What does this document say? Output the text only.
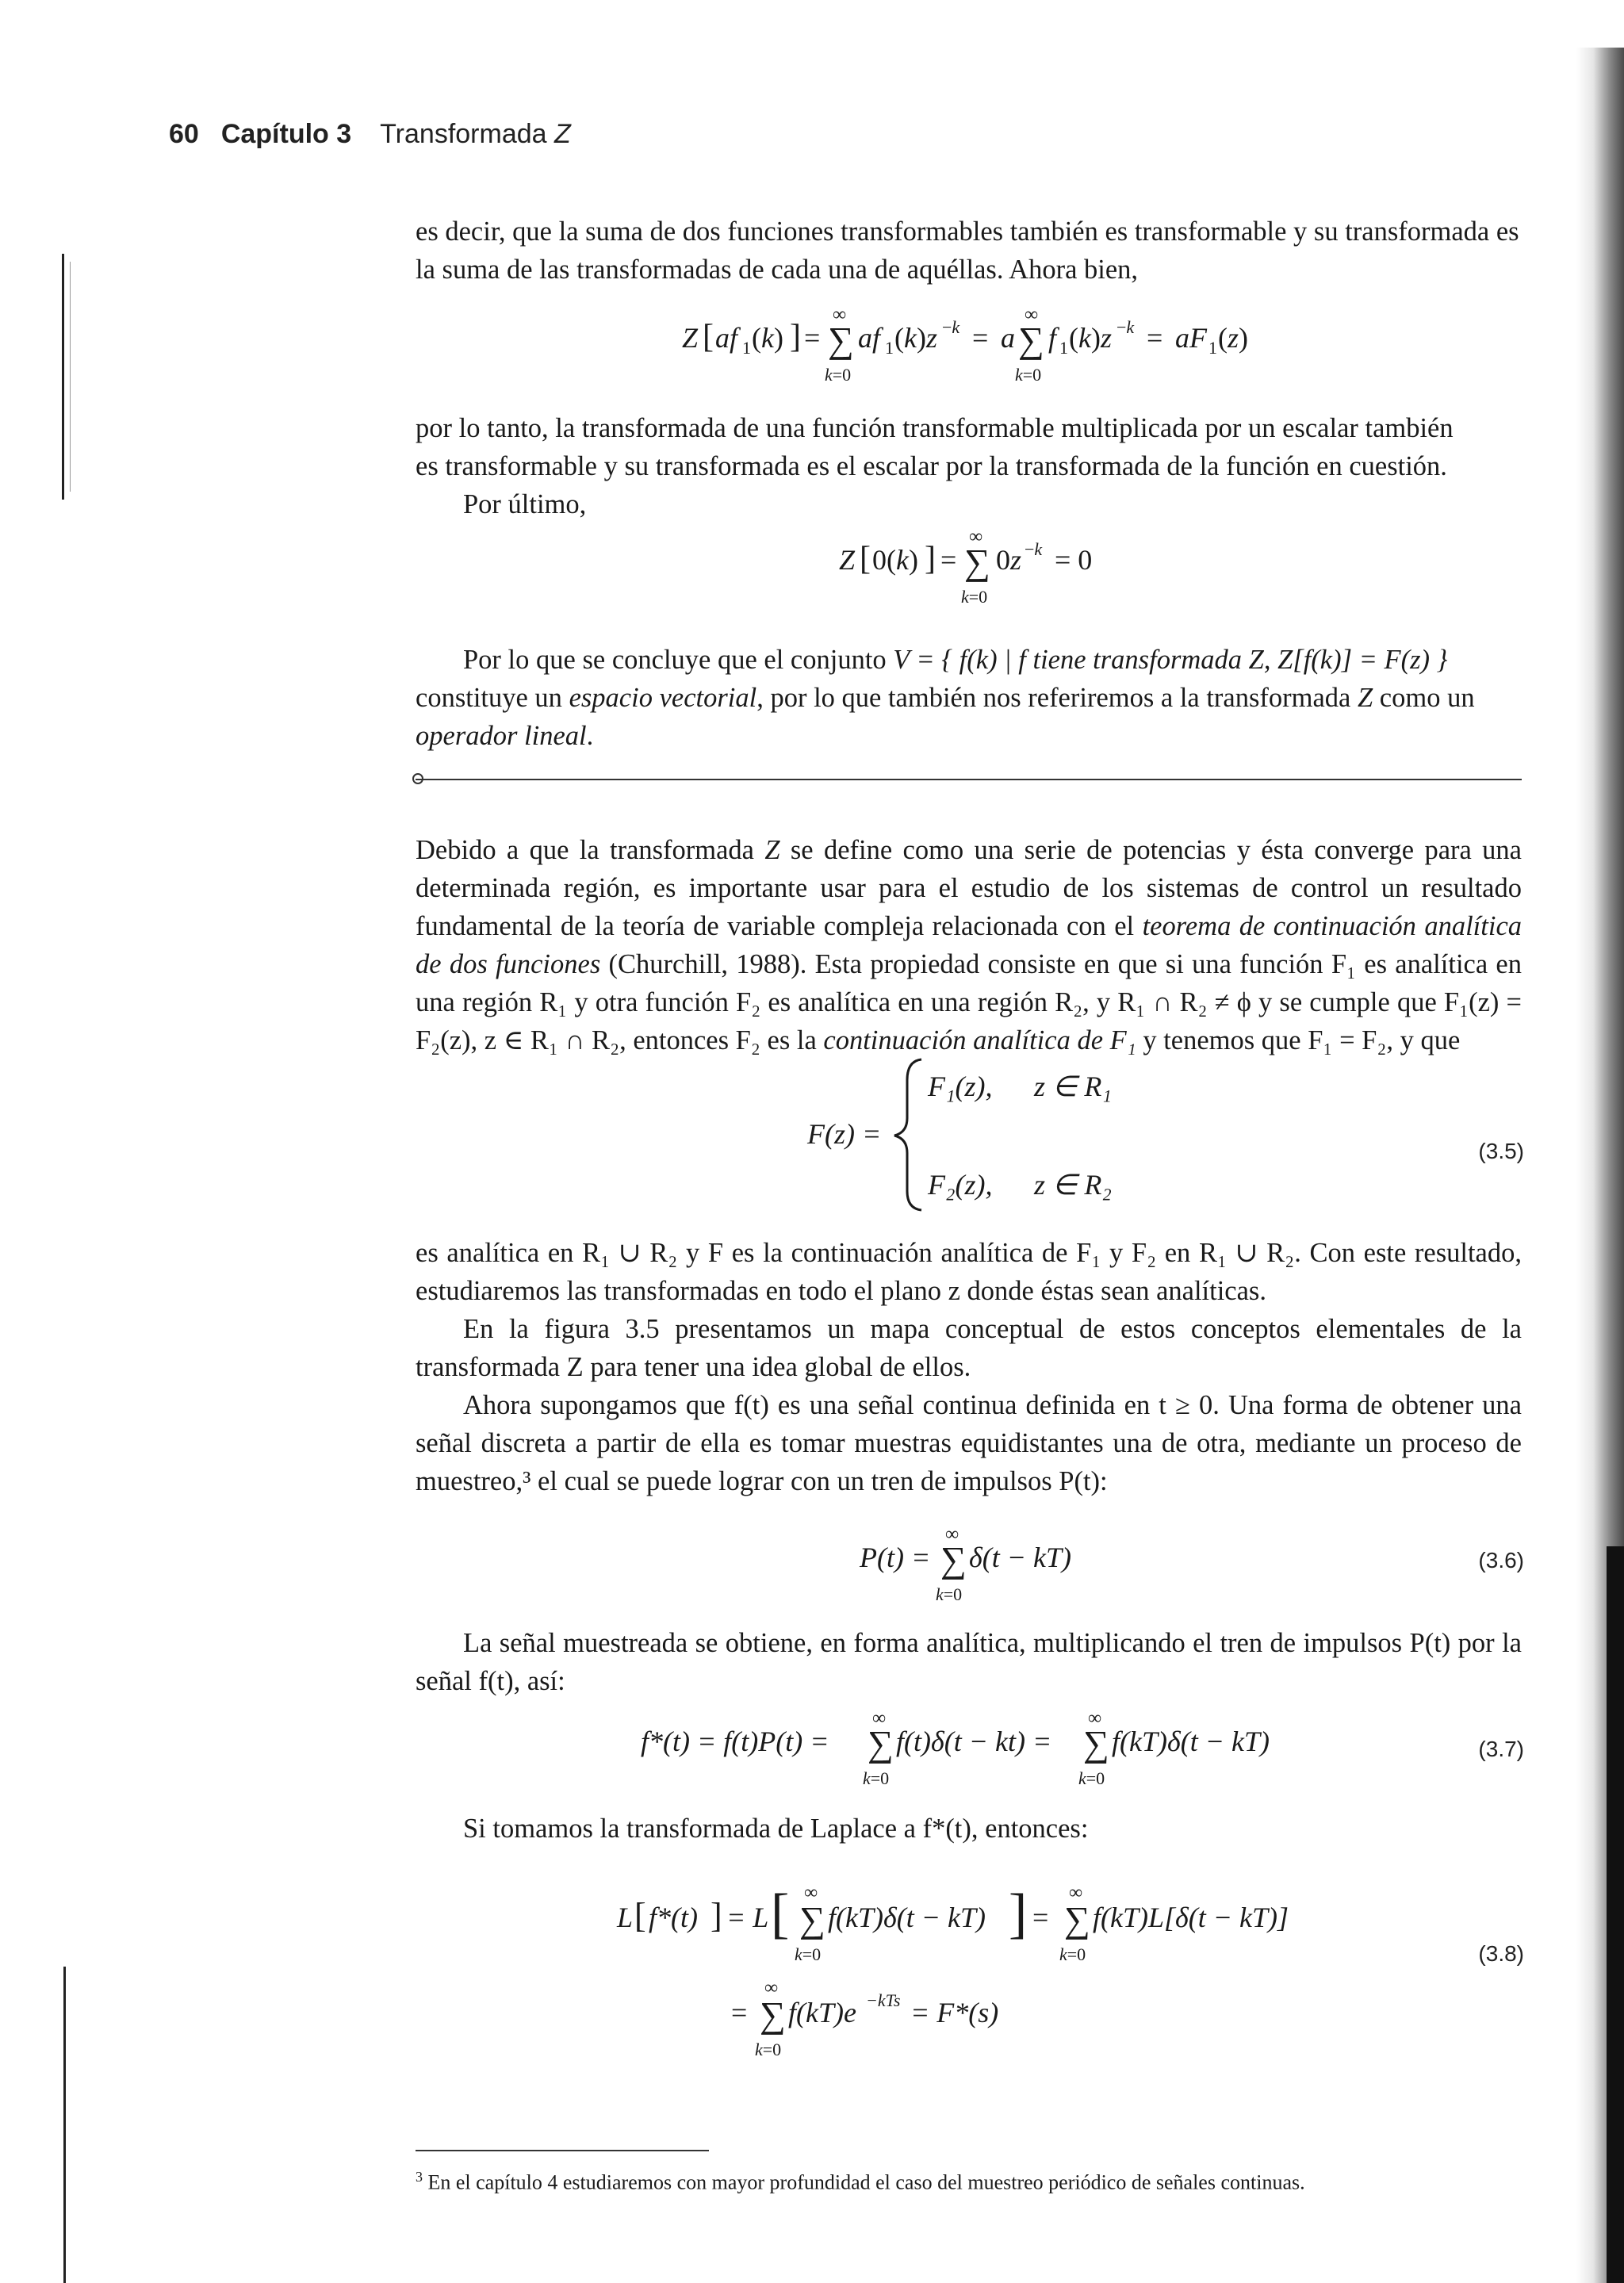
60 Capítulo 3 Transformada Z

es decir, que la suma de dos funciones transformables también es transformable y su transformada es

la suma de las transformadas de cada una de aquéllas. Ahora bien,

Z [ af 1 (k) ] =
∞
∑
k=0
af 1 (k)z −k = a
∞
∑
k=0
f 1 (k)z −k = aF 1 (z)

por lo tanto, la transformada de una función transformable multiplicada por un escalar también

es transformable y su transformada es el escalar por la transformada de la función en cuestión.

Por último,

Z [ 0(k) ] =
∞
∑
k=0
0z −k = 0

Por lo que se concluye que el conjunto V = { f(k) | f tiene transformada Z, Z[f(k)] = F(z) }

constituye un espacio vectorial, por lo que también nos referiremos a la transformada Z como un

operador lineal.

Debido a que la transformada Z se define como una serie de potencias y ésta converge para una determinada región, es importante usar para el estudio de los sistemas de control un resultado fundamental de la teoría de variable compleja relacionada con el teorema de continuación analítica de dos funciones (Churchill, 1988). Esta propiedad consiste en que si una función F₁ es analítica en una región R₁ y otra función F₂ es analítica en una región R₂, y R₁ ∩ R₂ ≠ ϕ y se cumple que F₁(z) = F₂(z), z ∈ R₁ ∩ R₂, entonces F₂ es la continuación analítica de F₁ y tenemos que F₁ = F₂, y que

F(z) =
F₁(z), z ∈ R₁
F₂(z), z ∈ R₂
(3.5)

es analítica en R₁ ∪ R₂ y F es la continuación analítica de F₁ y F₂ en R₁ ∪ R₂. Con este resultado, estudiaremos las transformadas en todo el plano z donde éstas sean analíticas.

En la figura 3.5 presentamos un mapa conceptual de estos conceptos elementales de la transformada Z para tener una idea global de ellos.

Ahora supongamos que f(t) es una señal continua definida en t ≥ 0. Una forma de obtener una señal discreta a partir de ella es tomar muestras equidistantes una de otra, mediante un proceso de muestreo,³ el cual se puede lograr con un tren de impulsos P(t):

P(t) =
∞
∑
k=0
δ(t − kT)	(3.6)

La señal muestreada se obtiene, en forma analítica, multiplicando el tren de impulsos P(t) por la señal f(t), así:

f*(t) = f(t)P(t) =
∞
∑
k=0
f(t)δ(t − kt) =
∞
∑
k=0
f(kT)δ(t − kT)	(3.7)

Si tomamos la transformada de Laplace a f*(t), entonces:

L [ f*(t) ] = L [ ∞
∑
k=0
f(kT)δ(t − kT) ] =
∞
∑
k=0
f(kT)L[δ(t − kT)]
=
∞
∑
k=0
f(kT)e −kTs = F*(s)
(3.8)
$^3$ En el capítulo 4 estudiaremos con mayor profundidad el caso del muestreo periódico de señales continuas.
